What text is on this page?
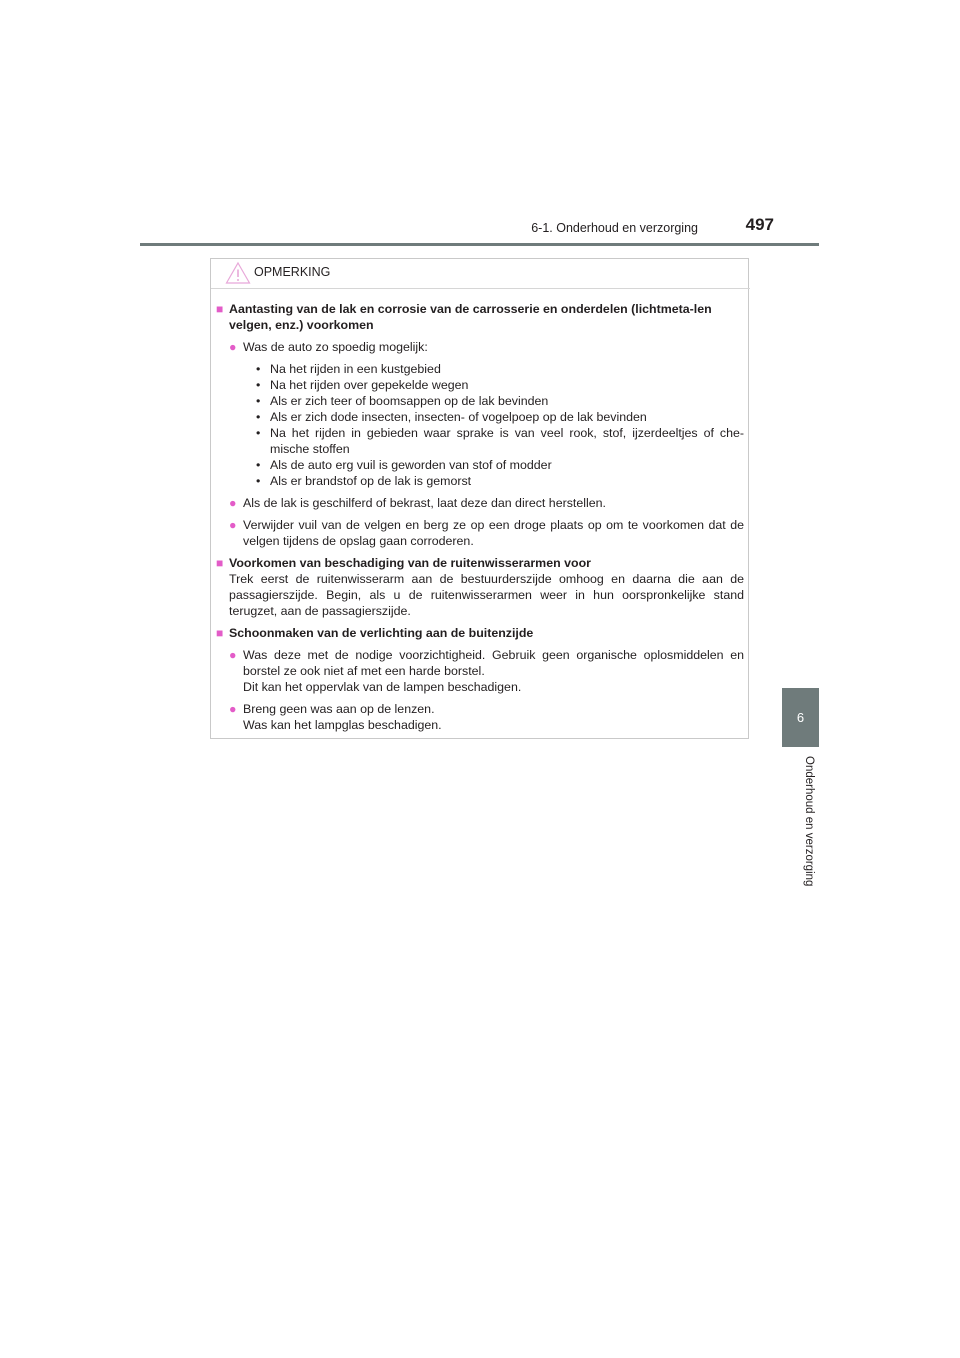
6-1. Onderhoud en verzorging	497
6
Onderhoud en verzorging
OPMERKING
■ Aantasting van de lak en corrosie van de carrosserie en onderdelen (lichtmeta-len velgen, enz.) voorkomen
● Was de auto zo spoedig mogelijk:
• Na het rijden in een kustgebied
• Na het rijden over gepekelde wegen
• Als er zich teer of boomsappen op de lak bevinden
• Als er zich dode insecten, insecten- of vogelpoep op de lak bevinden
• Na het rijden in gebieden waar sprake is van veel rook, stof, ijzerdeeltjes of che-mische stoffen
• Als de auto erg vuil is geworden van stof of modder
• Als er brandstof op de lak is gemorst
● Als de lak is geschilferd of bekrast, laat deze dan direct herstellen.
● Verwijder vuil van de velgen en berg ze op een droge plaats op om te voorkomen dat de velgen tijdens de opslag gaan corroderen.
■ Voorkomen van beschadiging van de ruitenwisserarmen voor
Trek eerst de ruitenwisserarm aan de bestuurderszijde omhoog en daarna die aan de passagierszijde. Begin, als u de ruitenwisserarmen weer in hun oorspronkelijke stand terugzet, aan de passagierszijde.
■ Schoonmaken van de verlichting aan de buitenzijde
● Was deze met de nodige voorzichtigheid. Gebruik geen organische oplosmiddelen en borstel ze ook niet af met een harde borstel.
Dit kan het oppervlak van de lampen beschadigen.
● Breng geen was aan op de lenzen.
Was kan het lampglas beschadigen.
